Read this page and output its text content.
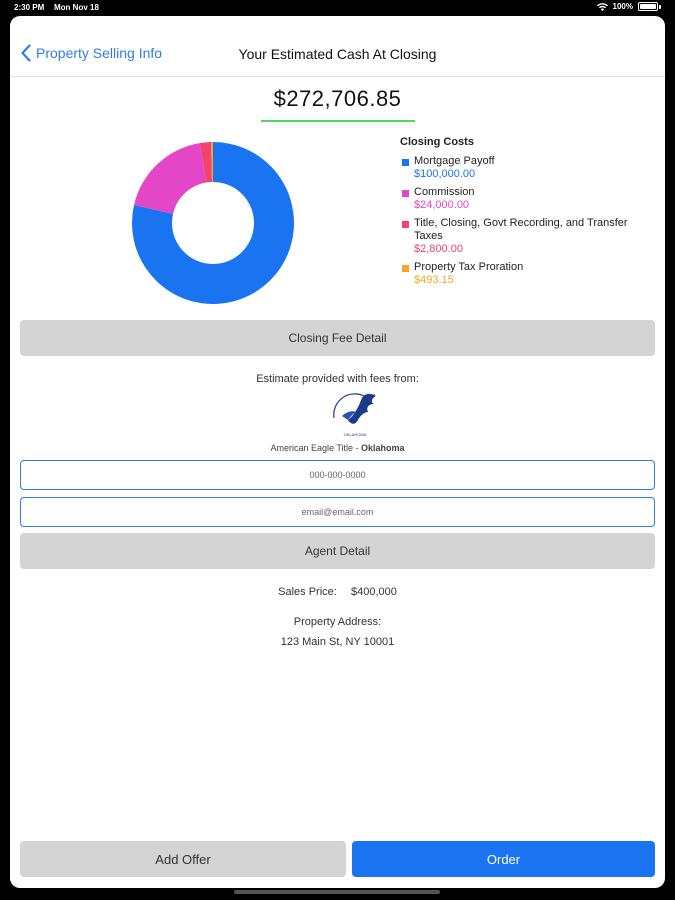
2:30 PM Mon Nov 18	100%
Property Selling Info	Your Estimated Cash At Closing
$272,706.85
Closing Costs
Mortgage Payoff
$100,000.00
Commission
$24,000.00
Title, Closing, Govt Recording, and Transfer Taxes
$2,800.00
Property Tax Proration
$493.15
Closing Fee Detail
Estimate provided with fees from:
OKLAHOMA
American Eagle Title - Oklahoma
000-000-0000
email@email.com
Agent Detail
Sales Price: $400,000
Property Address:
123 Main St, NY 10001
Add Offer	Order
